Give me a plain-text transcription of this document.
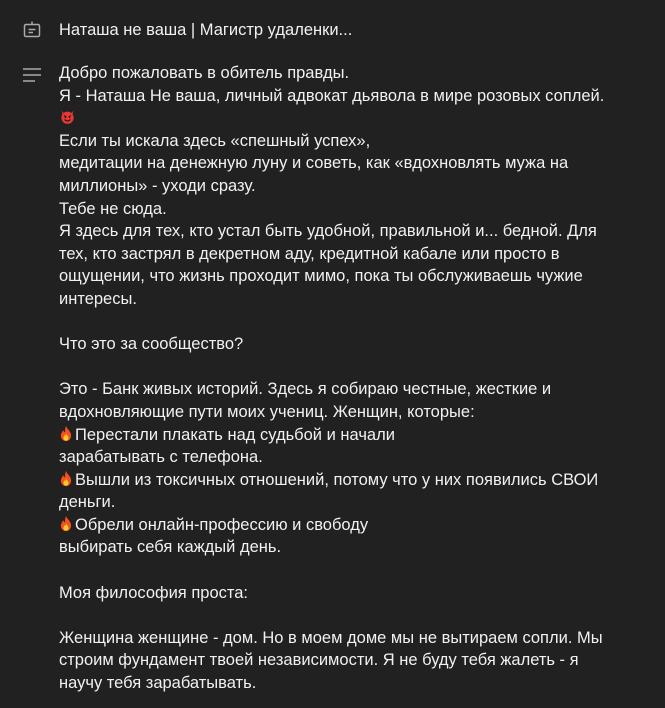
Наташа не ваша | Магистр удаленки...
Добро пожаловать в обитель правды.
Я - Наташа Не ваша, личный адвокат дьявола в мире розовых соплей.
Если ты искала здесь «спешный успех»,
медитации на денежную луну и советь, как «вдохновлять мужа на
миллионы» - уходи сразу.
Тебе не сюда.
Я здесь для тех, кто устал быть удобной, правильной и... бедной. Для
тех, кто застрял в декретном аду, кредитной кабале или просто в
ощущении, что жизнь проходит мимо, пока ты обслуживаешь чужие
интересы.
Что это за сообщество?
Это - Банк живых историй. Здесь я собираю честные, жесткие и
вдохновляющие пути моих учениц. Женщин, которые:
Перестали плакать над судьбой и начали
зарабатывать с телефона.
Вышли из токсичных отношений, потому что у них появились СВОИ
деньги.
Обрели онлайн-профессию и свободу
выбирать себя каждый день.
Моя философия проста:
Женщина женщине - дом. Но в моем доме мы не вытираем сопли. Мы
строим фундамент твоей независимости. Я не буду тебя жалеть - я
научу тебя зарабатывать.
